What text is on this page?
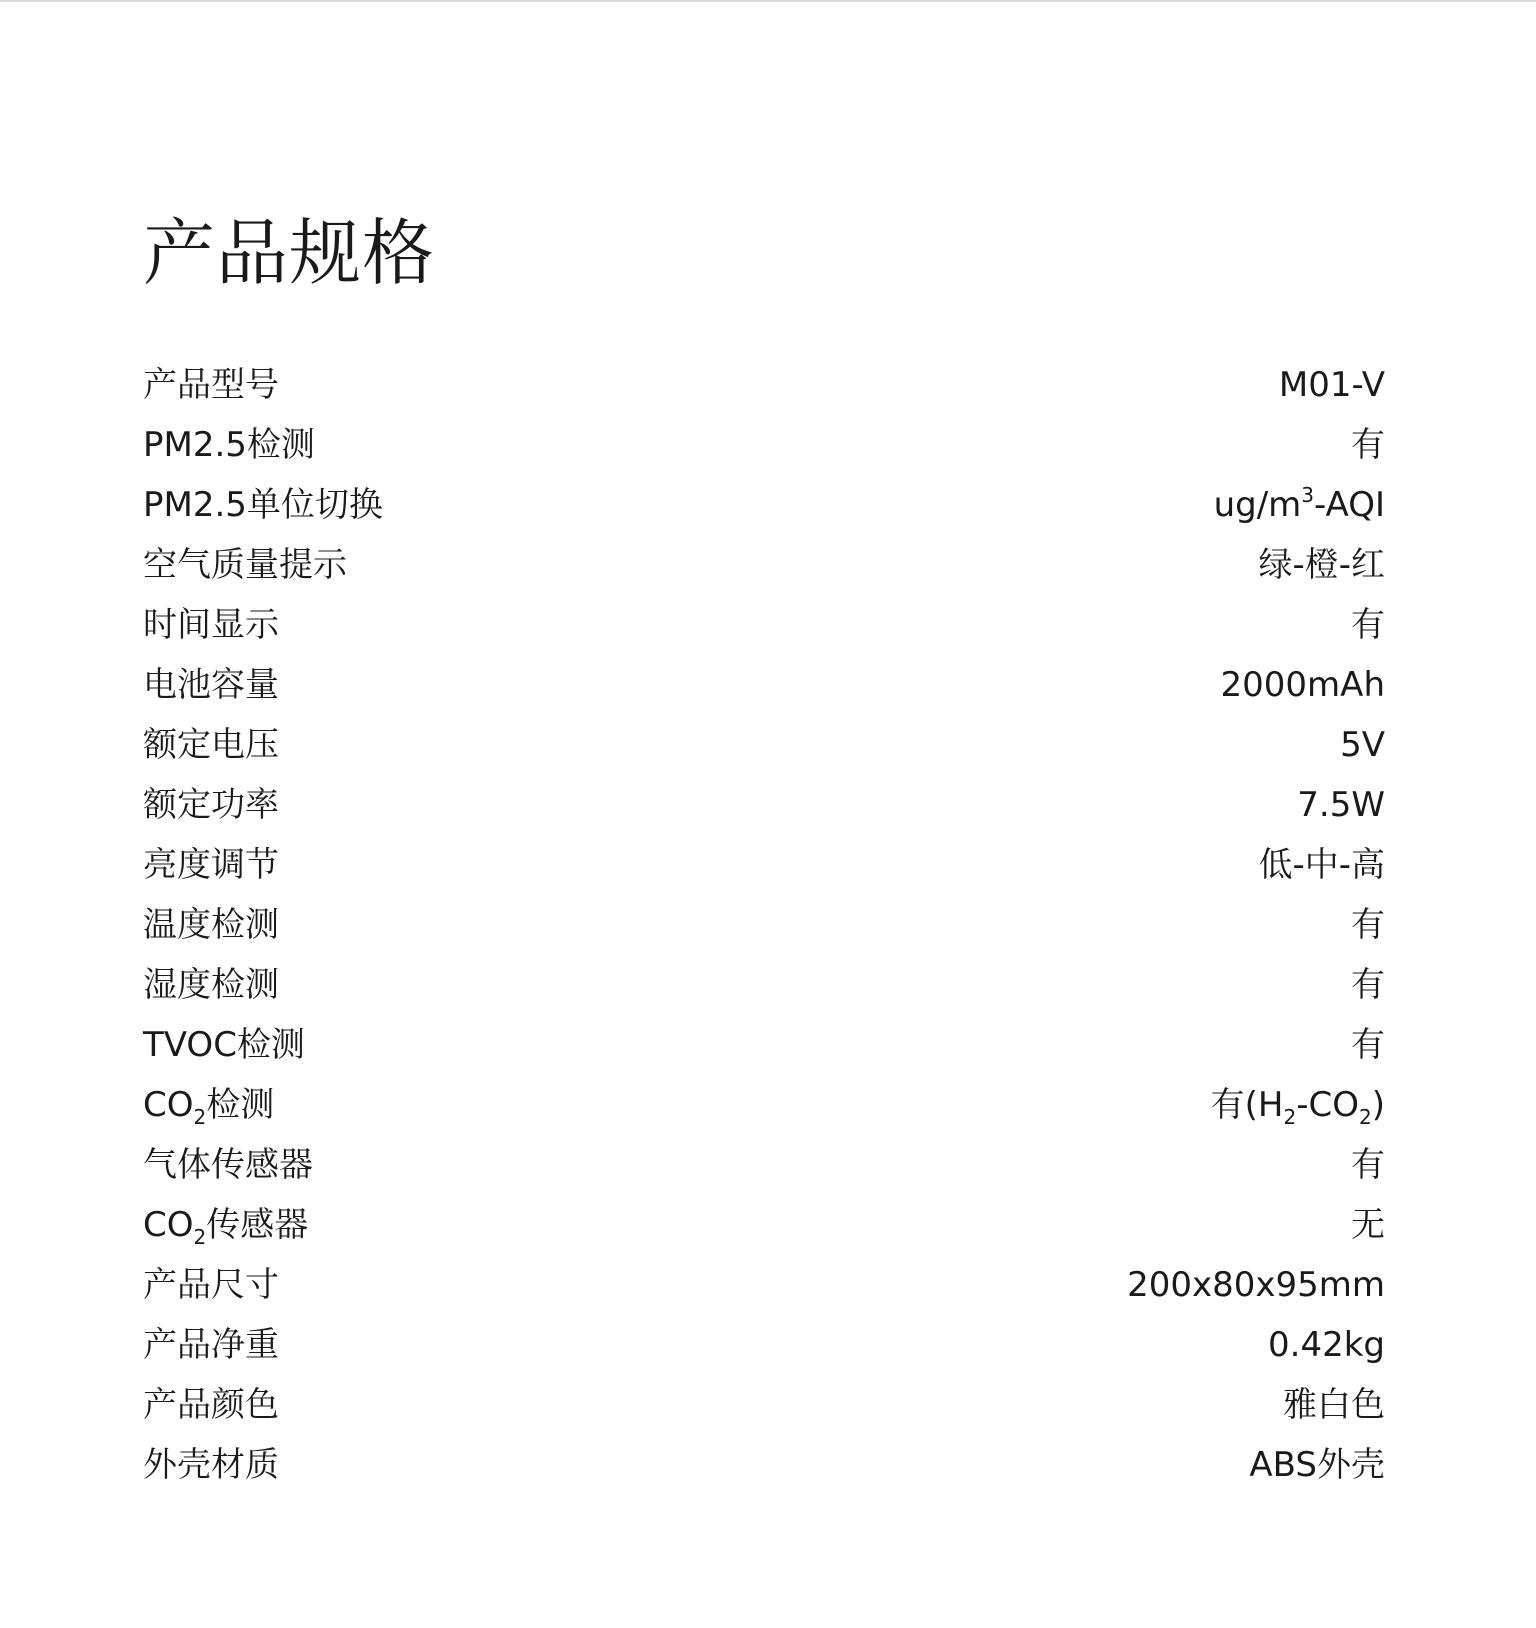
产品规格
产品型号	M01-V
PM2.5检测	有
PM2.5单位切换	$ug/m^3$-AQI
空气质量提示	绿-橙-红
时间显示	有
电池容量	2000mAh
额定电压	5V
额定功率	7.5W
亮度调节	低-中-高
温度检测	有
湿度检测	有
TVOC检测	有
$CO_2$检测	有$(H_2-CO_2)$
气体传感器	有
$CO_2$传感器	无
产品尺寸	200x80x95mm
产品净重	0.42kg
产品颜色	雅白色
外壳材质	ABS外壳
